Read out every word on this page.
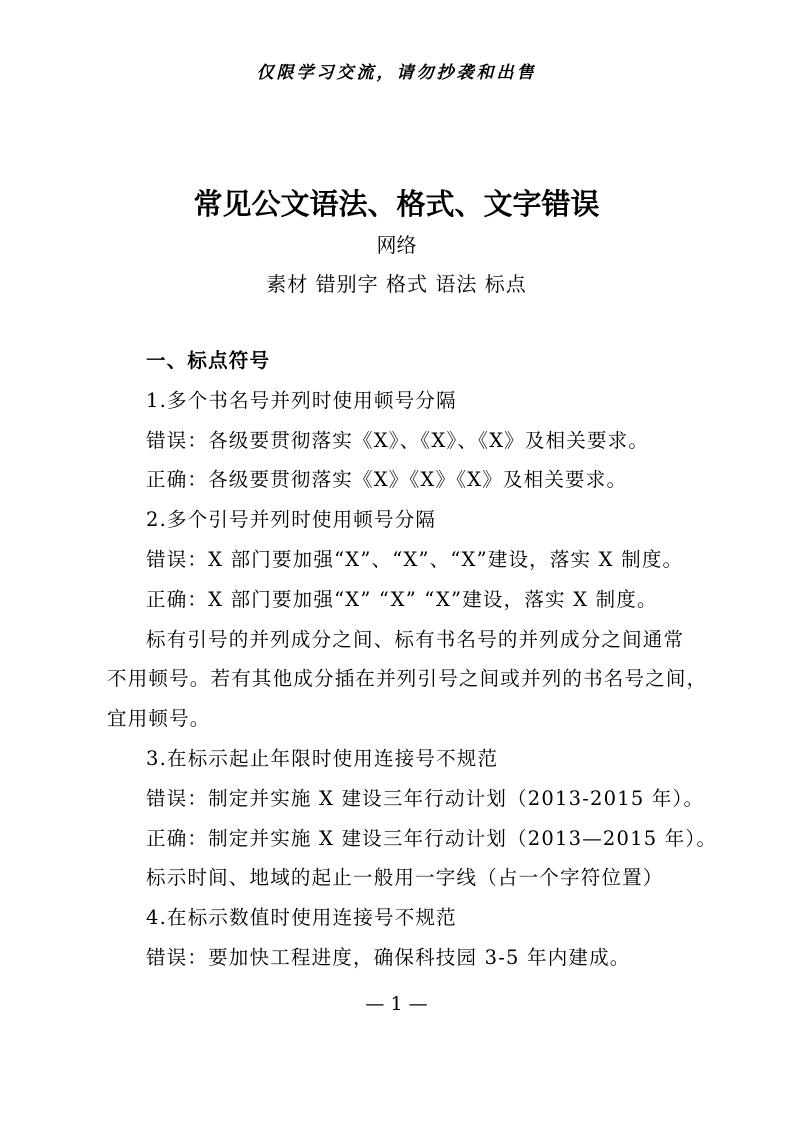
仅限学习交流，请勿抄袭和出售
常见公文语法、格式、文字错误
网络
素材 错别字 格式 语法 标点
一、标点符号
1.多个书名号并列时使用顿号分隔
错误：各级要贯彻落实《X》、《X》、《X》及相关要求。
正确：各级要贯彻落实《X》《X》《X》及相关要求。
2.多个引号并列时使用顿号分隔
错误：X 部门要加强“X”、“X”、“X”建设，落实 X 制度。
正确：X 部门要加强“X” “X” “X”建设，落实 X 制度。
标有引号的并列成分之间、标有书名号的并列成分之间通常
不用顿号。若有其他成分插在并列引号之间或并列的书名号之间，
宜用顿号。
3.在标示起止年限时使用连接号不规范
错误：制定并实施 X 建设三年行动计划（2013-2015 年）。
正确：制定并实施 X 建设三年行动计划（2013—2015 年）。
标示时间、地域的起止一般用一字线（占一个字符位置）
4.在标示数值时使用连接号不规范
错误：要加快工程进度，确保科技园 3-5 年内建成。
— 1 —
